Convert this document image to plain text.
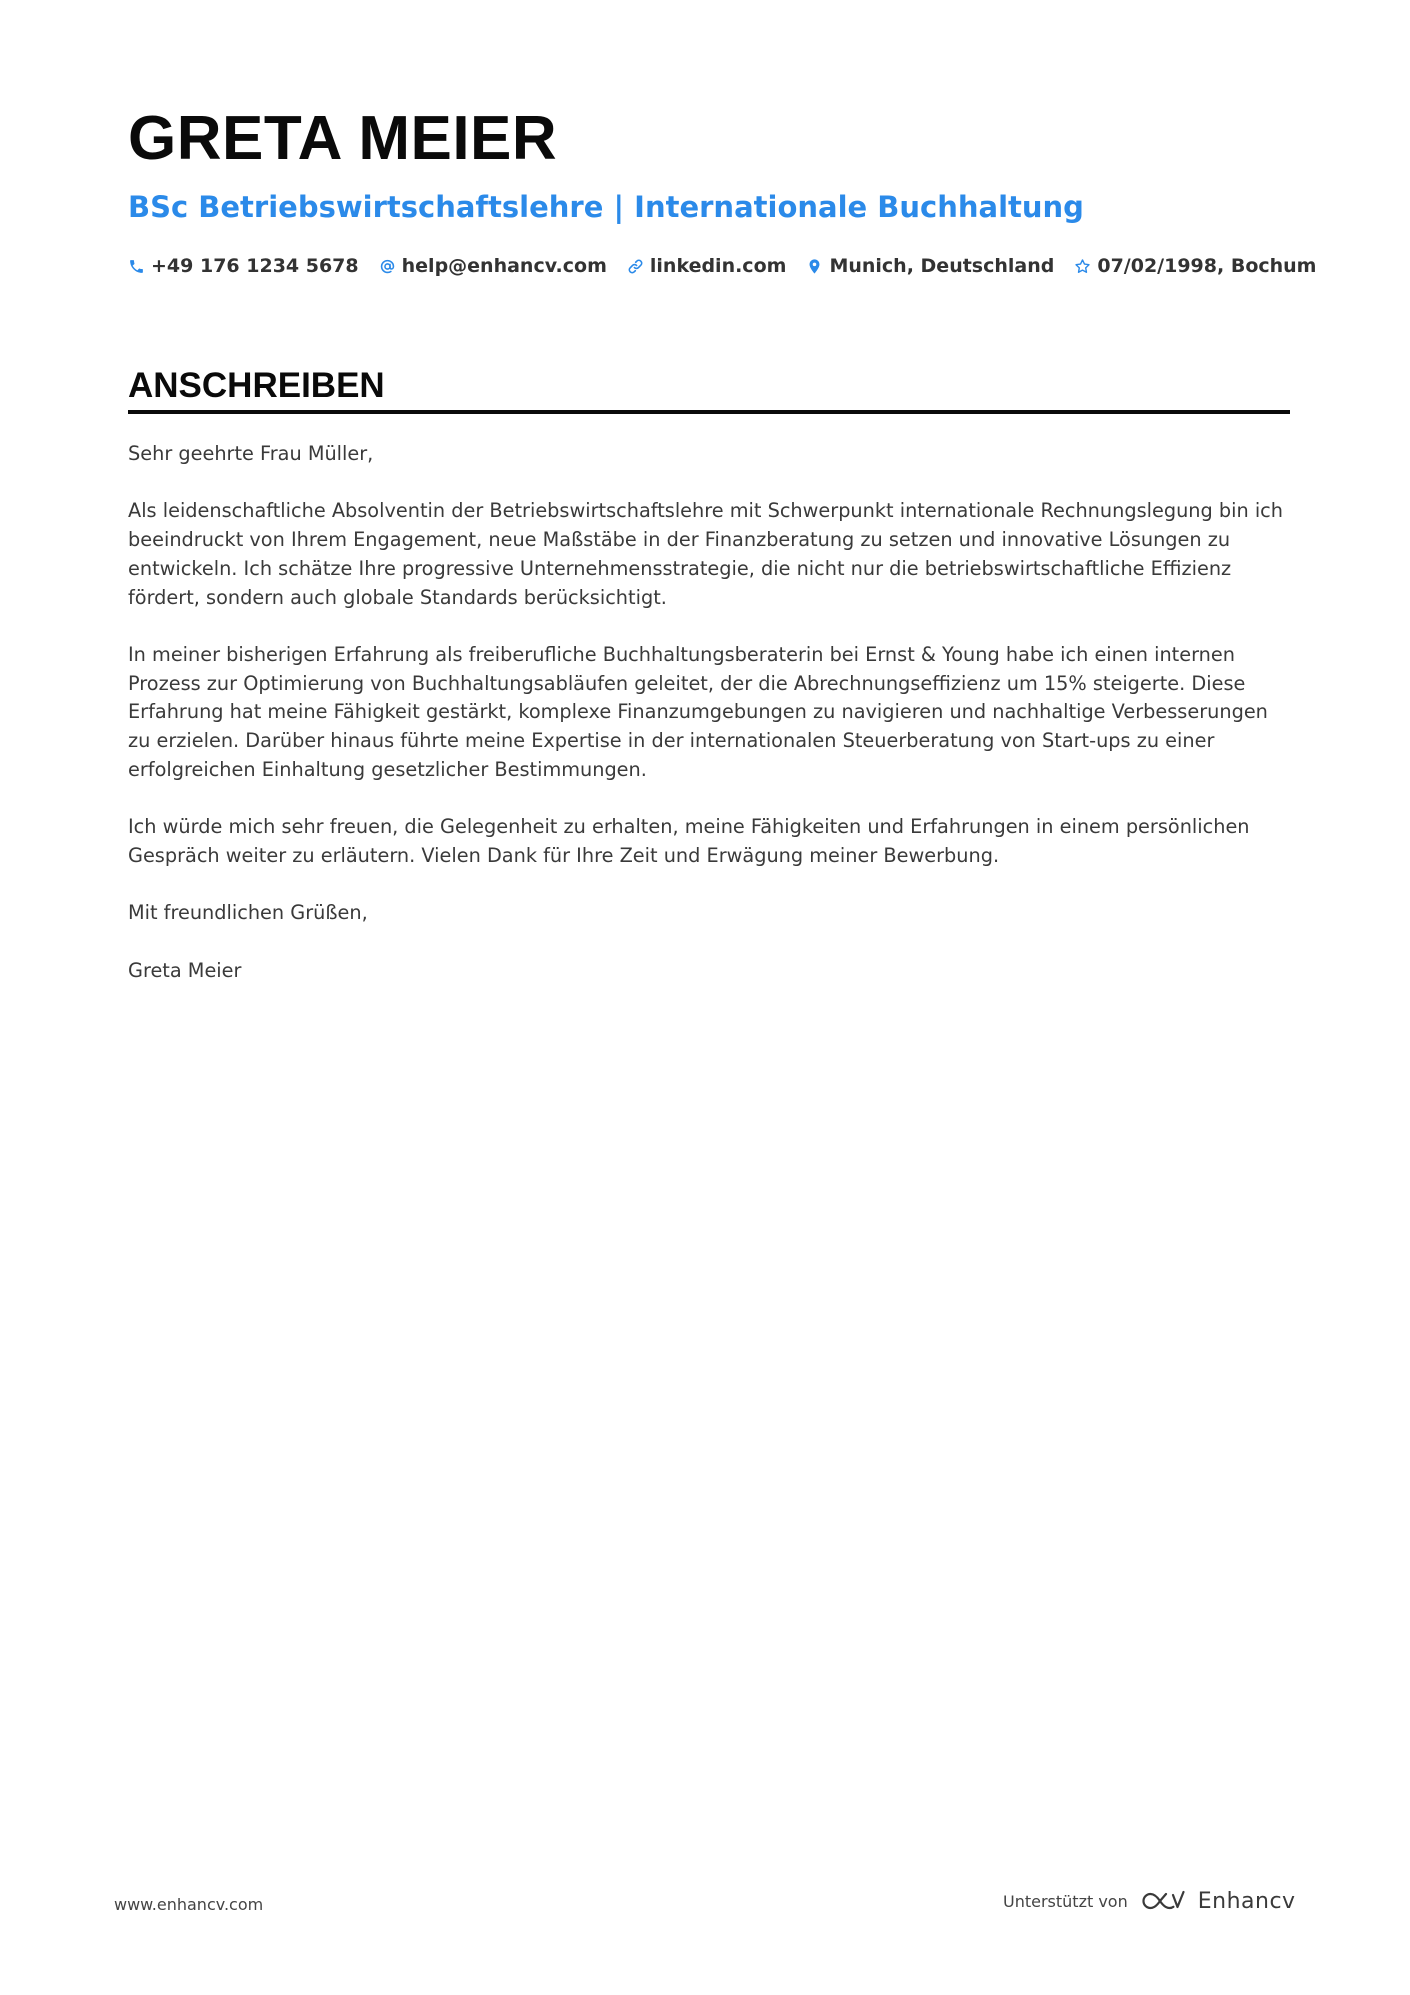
GRETA MEIER
BSc Betriebswirtschaftslehre | Internationale Buchhaltung
+49 176 1234 5678 help@enhancv.com linkedin.com Munich, Deutschland 07/02/1998, Bochum
ANSCHREIBEN

Sehr geehrte Frau Müller,

Als leidenschaftliche Absolventin der Betriebswirtschaftslehre mit Schwerpunkt internationale Rechnungslegung bin ich beeindruckt von Ihrem Engagement, neue Maßstäbe in der Finanzberatung zu setzen und innovative Lösungen zu entwickeln. Ich schätze Ihre progressive Unternehmensstrategie, die nicht nur die betriebswirtschaftliche Effizienz fördert, sondern auch globale Standards berücksichtigt.

In meiner bisherigen Erfahrung als freiberufliche Buchhaltungsberaterin bei Ernst & Young habe ich einen internen Prozess zur Optimierung von Buchhaltungsabläufen geleitet, der die Abrechnungseffizienz um 15% steigerte. Diese Erfahrung hat meine Fähigkeit gestärkt, komplexe Finanzumgebungen zu navigieren und nachhaltige Verbesserungen zu erzielen. Darüber hinaus führte meine Expertise in der internationalen Steuerberatung von Start-ups zu einer erfolgreichen Einhaltung gesetzlicher Bestimmungen.

Ich würde mich sehr freuen, die Gelegenheit zu erhalten, meine Fähigkeiten und Erfahrungen in einem persönlichen Gespräch weiter zu erläutern. Vielen Dank für Ihre Zeit und Erwägung meiner Bewerbung.

Mit freundlichen Grüßen,

Greta Meier

www.enhancv.com	Unterstützt von	Enhancv
